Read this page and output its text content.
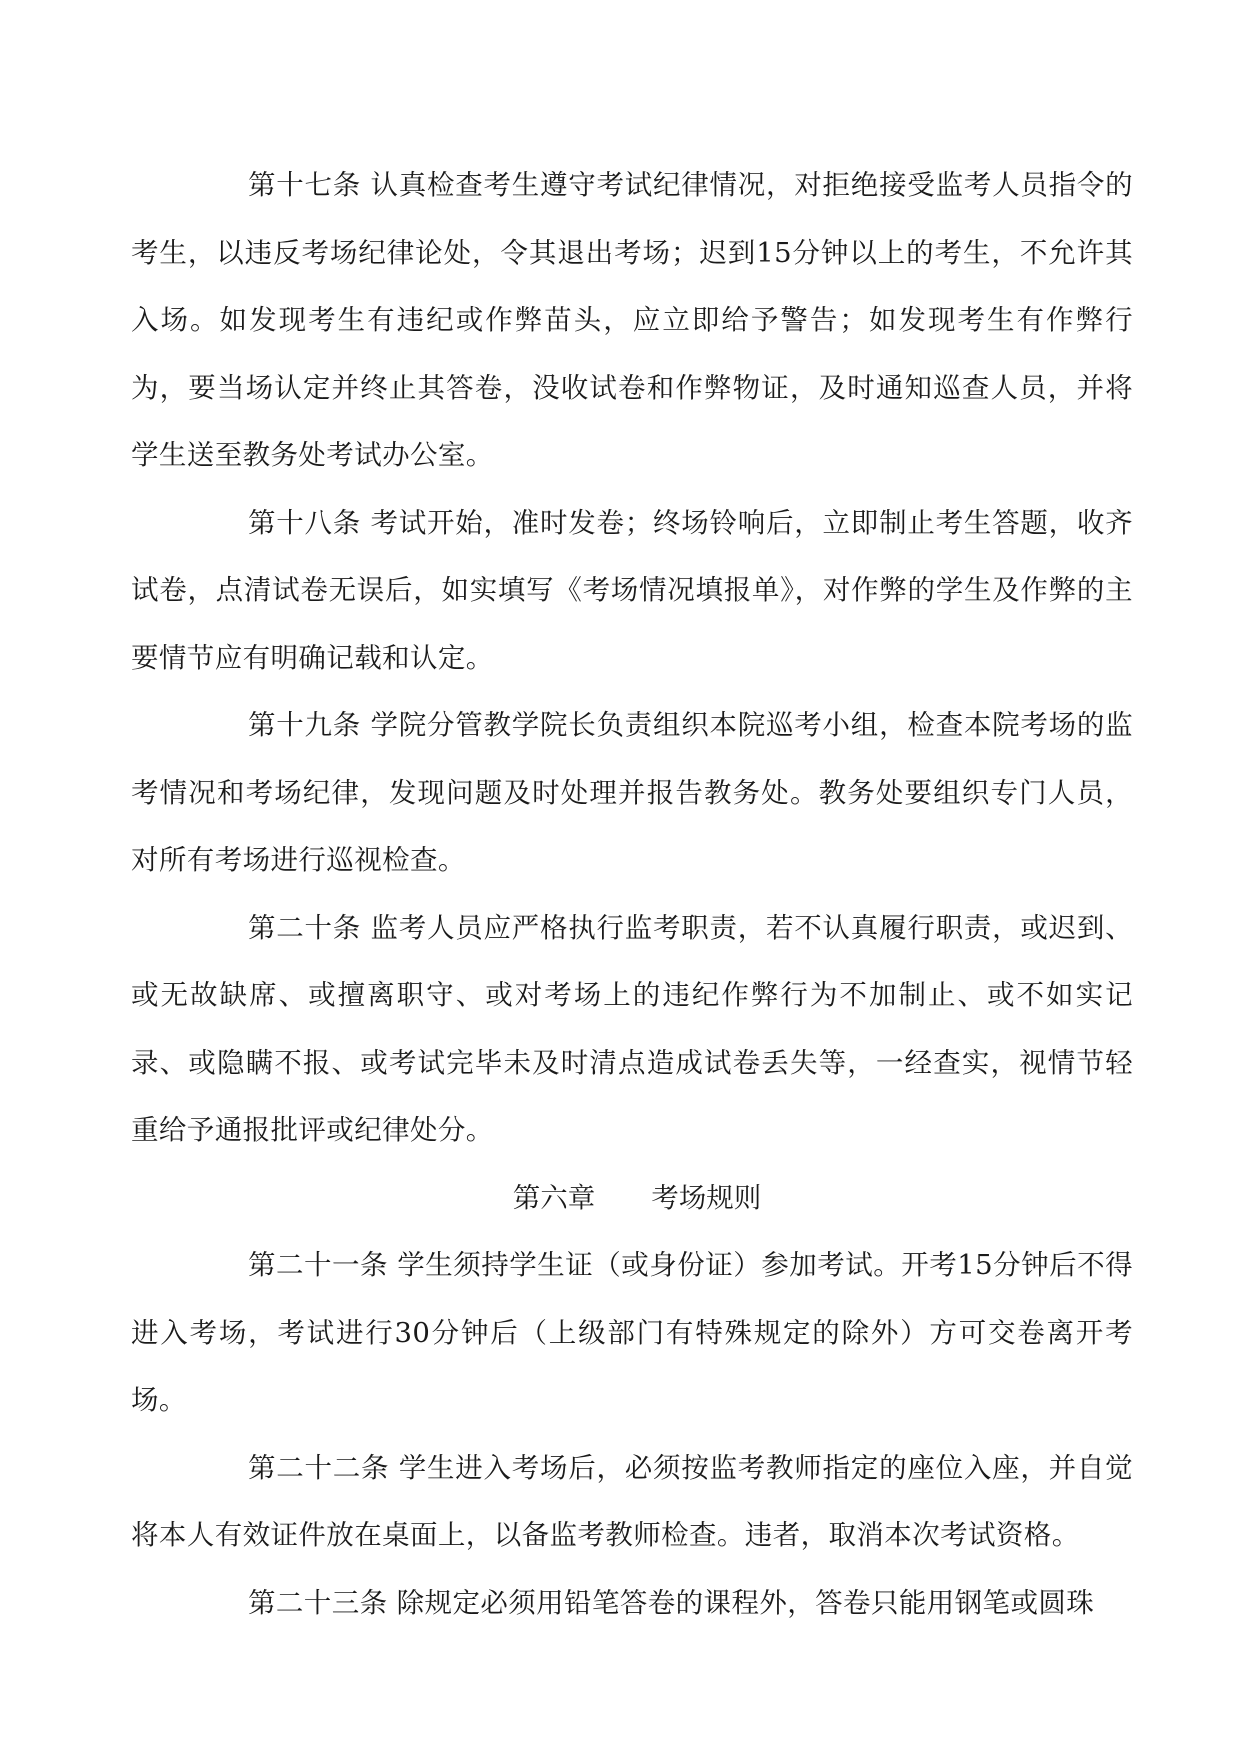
第十七条 认真检查考生遵守考试纪律情况，对拒绝接受监考人员指令的考生，以违反考场纪律论处，令其退出考场；迟到15分钟以上的考生，不允许其入场。如发现考生有违纪或作弊苗头，应立即给予警告；如发现考生有作弊行为，要当场认定并终止其答卷，没收试卷和作弊物证，及时通知巡查人员，并将学生送至教务处考试办公室。

第十八条 考试开始，准时发卷；终场铃响后，立即制止考生答题，收齐试卷，点清试卷无误后，如实填写《考场情况填报单》，对作弊的学生及作弊的主要情节应有明确记载和认定。

第十九条 学院分管教学院长负责组织本院巡考小组，检查本院考场的监考情况和考场纪律，发现问题及时处理并报告教务处。教务处要组织专门人员，对所有考场进行巡视检查。

第二十条 监考人员应严格执行监考职责，若不认真履行职责，或迟到、或无故缺席、或擅离职守、或对考场上的违纪作弊行为不加制止、或不如实记录、或隐瞒不报、或考试完毕未及时清点造成试卷丢失等，一经查实，视情节轻重给予通报批评或纪律处分。

第六章 考场规则

第二十一条 学生须持学生证（或身份证）参加考试。开考15分钟后不得进入考场，考试进行30分钟后（上级部门有特殊规定的除外）方可交卷离开考场。

第二十二条 学生进入考场后，必须按监考教师指定的座位入座，并自觉将本人有效证件放在桌面上，以备监考教师检查。违者，取消本次考试资格。

第二十三条 除规定必须用铅笔答卷的课程外，答卷只能用钢笔或圆珠
